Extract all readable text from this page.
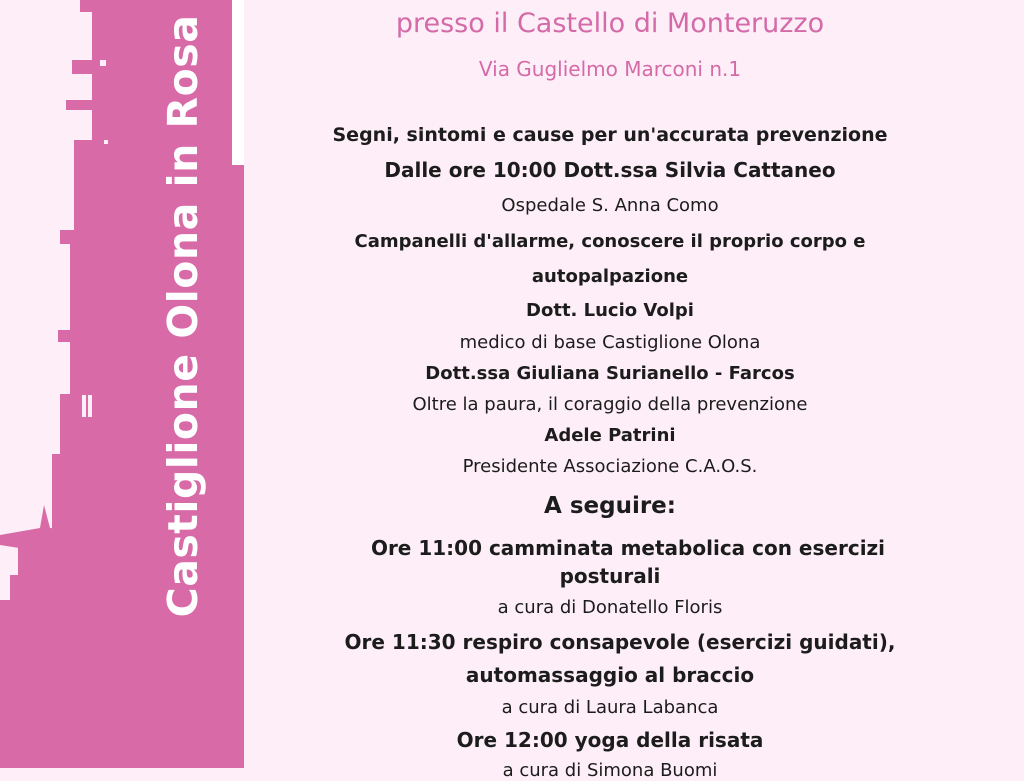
Castiglione Olona in Rosa	presso il Castello di Monteruzzo
Via Guglielmo Marconi n.1
Segni, sintomi e cause per un'accurata prevenzione
Dalle ore 10:00 Dott.ssa Silvia Cattaneo
Ospedale S. Anna Como
Campanelli d'allarme, conoscere il proprio corpo e
autopalpazione
Dott. Lucio Volpi
medico di base Castiglione Olona
Dott.ssa Giuliana Surianello - Farcos
Oltre la paura, il coraggio della prevenzione
Adele Patrini
Presidente Associazione C.A.O.S.
A seguire:
Ore 11:00 camminata metabolica con esercizi
posturali
a cura di Donatello Floris
Ore 11:30 respiro consapevole (esercizi guidati),
automassaggio al braccio
a cura di Laura Labanca
Ore 12:00 yoga della risata
a cura di Simona Buomi
